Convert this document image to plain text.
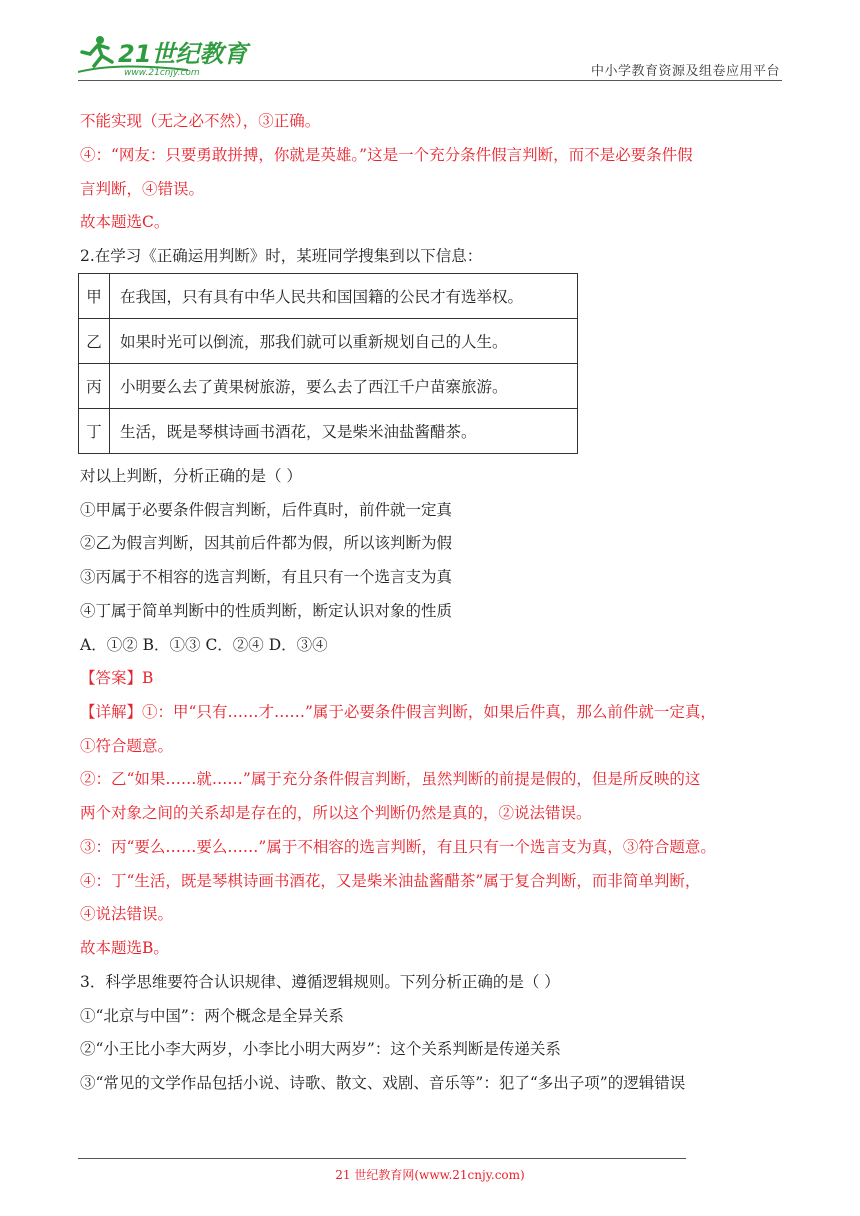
21世纪教育
www.21cnjy.com	中小学教育资源及组卷应用平台
不能实现（无之必不然），③正确。
④：“网友：只要勇敢拼搏，你就是英雄。”这是一个充分条件假言判断，而不是必要条件假
言判断，④错误。
故本题选C。
2.在学习《正确运用判断》时，某班同学搜集到以下信息：
甲	在我国，只有具有中华人民共和国国籍的公民才有选举权。
乙	如果时光可以倒流，那我们就可以重新规划自己的人生。
丙	小明要么去了黄果树旅游，要么去了西江千户苗寨旅游。
丁	生活，既是琴棋诗画书酒花，又是柴米油盐酱醋茶。
对以上判断，分析正确的是（ ）
①甲属于必要条件假言判断，后件真时，前件就一定真
②乙为假言判断，因其前后件都为假，所以该判断为假
③丙属于不相容的选言判断，有且只有一个选言支为真
④丁属于简单判断中的性质判断，断定认识对象的性质
A．①② B．①③ C．②④ D．③④
【答案】B
【详解】①：甲“只有……才……”属于必要条件假言判断，如果后件真，那么前件就一定真，
①符合题意。
②：乙“如果……就……”属于充分条件假言判断，虽然判断的前提是假的，但是所反映的这
两个对象之间的关系却是存在的，所以这个判断仍然是真的，②说法错误。
③：丙“要么……要么……”属于不相容的选言判断，有且只有一个选言支为真，③符合题意。
④：丁“生活，既是琴棋诗画书酒花，又是柴米油盐酱醋茶”属于复合判断，而非简单判断，
④说法错误。
故本题选B。
3．科学思维要符合认识规律、遵循逻辑规则。下列分析正确的是（ ）
①“北京与中国”：两个概念是全异关系
②“小王比小李大两岁，小李比小明大两岁”：这个关系判断是传递关系
③“常见的文学作品包括小说、诗歌、散文、戏剧、音乐等”：犯了“多出子项”的逻辑错误
21 世纪教育网(www.21cnjy.com)
